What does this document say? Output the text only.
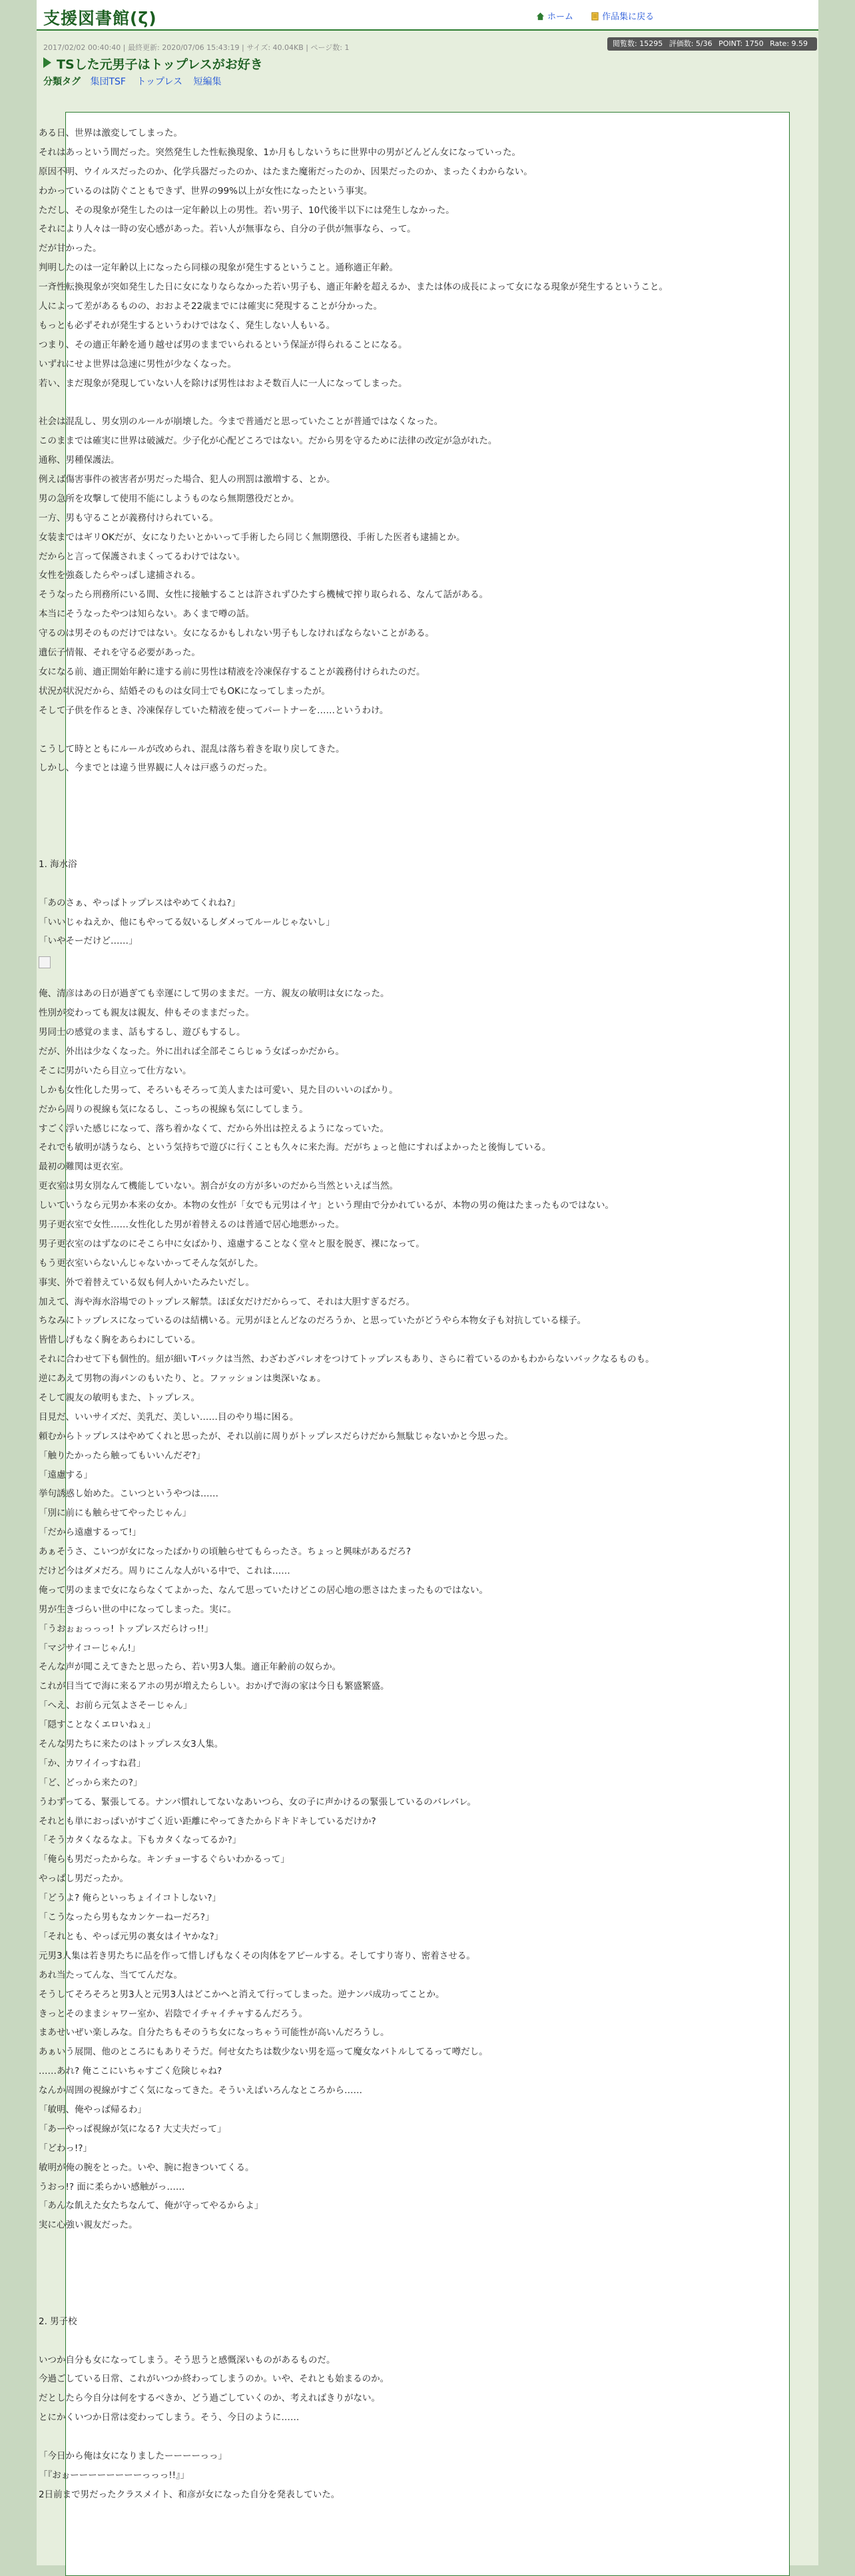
支援図書館(ζ)	ホーム	作品集に戻る
閲覧数: 15295 評価数: 5/36 POINT: 1750 Rate: 9.59
2017/02/02 00:40:40 | 最終更新: 2020/07/06 15:43:19 | サイズ: 40.04KB | ページ数: 1
TSした元男子はトップレスがお好き
分類タグ 集団TSF トップレス 短編集
ある日、世界は激変してしまった。
それはあっという間だった。突然発生した性転換現象、1か月もしないうちに世界中の男がどんどん女になっていった。
原因不明、ウイルスだったのか、化学兵器だったのか、はたまた魔術だったのか、因果だったのか、まったくわからない。
わかっているのは防ぐこともできず、世界の99%以上が女性になったという事実。
ただし、その現象が発生したのは一定年齢以上の男性。若い男子、10代後半以下には発生しなかった。
それにより人々は一時の安心感があった。若い人が無事なら、自分の子供が無事なら、って。
だが甘かった。
判明したのは一定年齢以上になったら同様の現象が発生するということ。通称適正年齢。
一斉性転換現象が突如発生した日に女になりならなかった若い男子も、適正年齢を超えるか、または体の成長によって女になる現象が発生するということ。
人によって差があるものの、おおよそ22歳までには確実に発現することが分かった。
もっとも必ずそれが発生するというわけではなく、発生しない人もいる。
つまり、その適正年齢を通り越せば男のままでいられるという保証が得られることになる。
いずれにせよ世界は急速に男性が少なくなった。
若い、まだ現象が発現していない人を除けば男性はおよそ数百人に一人になってしまった。
社会は混乱し、男女別のルールが崩壊した。今まで普通だと思っていたことが普通ではなくなった。
このままでは確実に世界は破滅だ。少子化が心配どころではない。だから男を守るために法律の改定が急がれた。
通称、男種保護法。
例えば傷害事件の被害者が男だった場合、犯人の刑罰は激増する、とか。
男の急所を攻撃して使用不能にしようものなら無期懲役だとか。
一方、男も守ることが義務付けられている。
女装まではギリOKだが、女になりたいとかいって手術したら同じく無期懲役、手術した医者も逮捕とか。
だからと言って保護されまくってるわけではない。
女性を強姦したらやっぱし逮捕される。
そうなったら刑務所にいる間、女性に接触することは許されずひたすら機械で搾り取られる、なんて話がある。
本当にそうなったやつは知らない。あくまで噂の話。
守るのは男そのものだけではない。女になるかもしれない男子もしなければならないことがある。
遺伝子情報、それを守る必要があった。
女になる前、適正開始年齢に達する前に男性は精液を冷凍保存することが義務付けられたのだ。
状況が状況だから、結婚そのものは女同士でもOKになってしまったが。
そして子供を作るとき、冷凍保存していた精液を使ってパートナーを……というわけ。
こうして時とともにルールが改められ、混乱は落ち着きを取り戻してきた。
しかし、今までとは違う世界観に人々は戸惑うのだった。
1. 海水浴
「あのさぁ、やっぱトップレスはやめてくれね?」
「いいじゃねえか、他にもやってる奴いるしダメってルールじゃないし」
「いやそーだけど……」
俺、清彦はあの日が過ぎても幸運にして男のままだ。一方、親友の敏明は女になった。
性別が変わっても親友は親友、仲もそのままだった。
男同士の感覚のまま、話もするし、遊びもするし。
だが、外出は少なくなった。外に出れば全部そこらじゅう女ばっかだから。
そこに男がいたら目立って仕方ない。
しかも女性化した男って、そろいもそろって美人または可愛い、見た目のいいのばかり。
だから周りの視線も気になるし、こっちの視線も気にしてしまう。
すごく浮いた感じになって、落ち着かなくて、だから外出は控えるようになっていた。
それでも敏明が誘うなら、という気持ちで遊びに行くことも久々に来た海。だがちょっと他にすればよかったと後悔している。
最初の難関は更衣室。
更衣室は男女別なんて機能していない。割合が女の方が多いのだから当然といえば当然。
しいていうなら元男か本来の女か。本物の女性が「女でも元男はイヤ」という理由で分かれているが、本物の男の俺はたまったものではない。
男子更衣室で女性……女性化した男が着替えるのは普通で居心地悪かった。
男子更衣室のはずなのにそこら中に女ばかり、遠慮することなく堂々と服を脱ぎ、裸になって。
もう更衣室いらないんじゃないかってそんな気がした。
事実、外で着替えている奴も何人かいたみたいだし。
加えて、海や海水浴場でのトップレス解禁。ほぼ女だけだからって、それは大胆すぎるだろ。
ちなみにトップレスになっているのは結構いる。元男がほとんどなのだろうか、と思っていたがどうやら本物女子も対抗している様子。
皆惜しげもなく胸をあらわにしている。
それに合わせて下も個性的。紐が細いTバックは当然、わざわざパレオをつけてトップレスもあり、さらに着ているのかもわからないバックなるものも。
逆にあえて男物の海パンのもいたり、と。ファッションは奥深いなぁ。
そして親友の敏明もまた、トップレス。
目見だ、いいサイズだ、美乳だ、美しい……目のやり場に困る。
頼むからトップレスはやめてくれと思ったが、それ以前に周りがトップレスだらけだから無駄じゃないかと今思った。
「触りたかったら触ってもいいんだぞ?」
「遠慮する」
挙句誘惑し始めた。こいつというやつは……
「別に前にも触らせてやったじゃん」
「だから遠慮するって!」
あぁそうさ、こいつが女になったばかりの頃触らせてもらったさ。ちょっと興味があるだろ?
だけど今はダメだろ。周りにこんな人がいる中で、これは……
俺って男のままで女にならなくてよかった、なんて思っていたけどこの居心地の悪さはたまったものではない。
男が生きづらい世の中になってしまった。実に。
「うおぉぉっっっ! トップレスだらけっ!!」
「マジサイコーじゃん!」
そんな声が聞こえてきたと思ったら、若い男3人集。適正年齢前の奴らか。
これが目当てで海に来るアホの男が増えたらしい。おかげで海の家は今日も繁盛繁盛。
「へえ、お前ら元気よさそーじゃん」
「隠すことなくエロいねぇ」
そんな男たちに来たのはトップレス女3人集。
「か、カワイイっすね君」
「ど、どっから来たの?」
うわずってる、緊張してる。ナンパ慣れしてないなあいつら、女の子に声かけるの緊張しているのバレバレ。
それとも単におっぱいがすごく近い距離にやってきたからドキドキしているだけか?
「そうカタくなるなよ。下もカタくなってるか?」
「俺らも男だったからな。キンチョーするぐらいわかるって」
やっぱし男だったか。
「どうよ? 俺らといっちょイイコトしない?」
「こうなったら男もなカンケーねーだろ?」
「それとも、やっぱ元男の裏女はイヤかな?」
元男3人集は若き男たちに品を作って惜しげもなくその肉体をアピールする。そしてすり寄り、密着させる。
あれ当たってんな、当ててんだな。
そうしてそろそろと男3人と元男3人はどこかへと消えて行ってしまった。逆ナンパ成功ってことか。
きっとそのままシャワー室か、岩陰でイチャイチャするんだろう。
まあせいぜい楽しみな。自分たちもそのうち女になっちゃう可能性が高いんだろうし。
あぁいう展開、他のところにもありそうだ。何せ女たちは数少ない男を巡って魔女なバトルしてるって噂だし。
……あれ? 俺ここにいちゃすごく危険じゃね?
なんか周囲の視線がすごく気になってきた。そういえばいろんなところから……
「敏明、俺やっぱ帰るわ」
「あーやっぱ視線が気になる? 大丈夫だって」
「どわっ!?」
敏明が俺の腕をとった。いや、腕に抱きついてくる。
うおっ!? 面に柔らかい感触がっ……
「あんな飢えた女たちなんて、俺が守ってやるからよ」
実に心強い親友だった。
2. 男子校
いつか自分も女になってしまう。そう思うと感慨深いものがあるものだ。
今過ごしている日常、これがいつか終わってしまうのか。いや、それとも始まるのか。
だとしたら今自分は何をするべきか、どう過ごしていくのか、考えればきりがない。
とにかくいつか日常は変わってしまう。そう、今日のように……
「今日から俺は女になりましたーーーーっっ」
「『おぉーーーーーーーーっっっ!!』」
2日前まで男だったクラスメイト、和彦が女になった自分を発表していた。
